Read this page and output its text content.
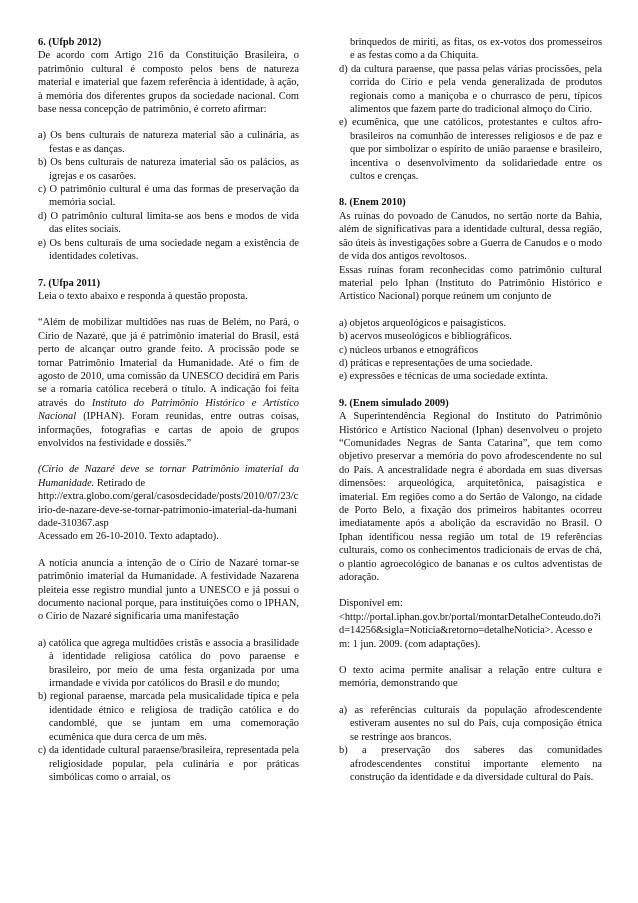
6. (Ufpb 2012)

De acordo com Artigo 216 da Constituição Brasileira, o patrimônio cultural é composto pelos bens de natureza material e imaterial que fazem referência à identidade, à ação, à memória dos diferentes grupos da sociedade nacional. Com base nessa concepção de patrimônio, é correto afirmar:

a) Os bens culturais de natureza material são a culinária, as festas e as danças.

b) Os bens culturais de natureza imaterial são os palácios, as igrejas e os casarões.

c) O patrimônio cultural é uma das formas de preservação da memória social.

d) O patrimônio cultural limita-se aos bens e modos de vida das elites sociais.

e) Os bens culturais de uma sociedade negam a existência de identidades coletivas.

7. (Ufpa 2011)

Leia o texto abaixo e responda à questão proposta.

“Além de mobilizar multidões nas ruas de Belém, no Pará, o Círio de Nazaré, que já é patrimônio imaterial do Brasil, está perto de alcançar outro grande feito. A procissão pode se tornar Patrimônio Imaterial da Humanidade. Até o fim de agosto de 2010, uma comissão da UNESCO decidirá em Paris se a romaria católica receberá o título. A indicação foi feita através do Instituto do Patrimônio Histórico e Artístico Nacional (IPHAN). Foram reunidas, entre outras coisas, informações, fotografias e cartas de apoio de grupos envolvidos na festividade e dossiês.”

(Círio de Nazaré deve se tornar Patrimônio imaterial da Humanidade. Retirado de

http://extra.globo.com/geral/casosdecidade/posts/2010/07/23/cirio-de-nazare-deve-se-tornar-patrimonio-imaterial-da-humanidade-310367.asp

Acessado em 26-10-2010. Texto adaptado).

A notícia anuncia a intenção de o Círio de Nazaré tornar-se patrimônio imaterial da Humanidade. A festividade Nazarena pleiteia esse registro mundial junto a UNESCO e já possui o documento nacional porque, para instituições como o IPHAN, o Círio de Nazaré significaria uma manifestação

a) católica que agrega multidões cristãs e associa a brasilidade à identidade religiosa católica do povo paraense e brasileiro, por meio de uma festa organizada por uma irmandade e vivida por católicos do Brasil e do mundo;

b) regional paraense, marcada pela musicalidade típica e pela identidade étnico e religiosa de tradição católica e do candomblé, que se juntam em uma comemoração ecumênica que dura cerca de um mês.

c) da identidade cultural paraense/brasileira, representada pela religiosidade popular, pela culinária e por práticas simbólicas como o arraial, os

brinquedos de miriti, as fitas, os ex-votos dos promesseiros e as festas como a da Chiquita.

d) da cultura paraense, que passa pelas várias procissões, pela corrida do Círio e pela venda generalizada de produtos regionais como a maniçoba e o churrasco de peru, típicos alimentos que fazem parte do tradicional almoço do Círio.

e) ecumênica, que une católicos, protestantes e cultos afro-brasileiros na comunhão de interesses religiosos e de paz e que por simbolizar o espírito de união paraense e brasileiro, incentiva o desenvolvimento da solidariedade entre os cultos e crenças.

8. (Enem 2010)

As ruínas do povoado de Canudos, no sertão norte da Bahia, além de significativas para a identidade cultural, dessa região, são úteis às investigações sobre a Guerra de Canudos e o modo de vida dos antigos revoltosos.

Essas ruínas foram reconhecidas como patrimônio cultural material pelo Iphan (Instituto do Patrimônio Histórico e Artístico Nacional) porque reúnem um conjunto de

a) objetos arqueológicos e paisagísticos.

b) acervos museológicos e bibliográficos.

c) núcleos urbanos e etnográficos

d) práticas e representações de uma sociedade.

e) expressões e técnicas de uma sociedade extinta.

9. (Enem simulado 2009)

A Superintendência Regional do Instituto do Patrimônio Histórico e Artístico Nacional (Iphan) desenvolveu o projeto “Comunidades Negras de Santa Catarina”, que tem como objetivo preservar a memória do povo afrodescendente no sul do País. A ancestralidade negra é abordada em suas diversas dimensões: arqueológica, arquitetônica, paisagística e imaterial. Em regiões como a do Sertão de Valongo, na cidade de Porto Belo, a fixação dos primeiros habitantes ocorreu imediatamente após a abolição da escravidão no Brasil. O Iphan identificou nessa região um total de 19 referências culturais, como os conhecimentos tradicionais de ervas de chá, o plantio agroecológico de bananas e os cultos adventistas de adoração.

Disponível em:

<http://portal.iphan.gov.br/portal/montarDetalheConteudo.do?id=14256&sigla=Noticia&retorno=detalheNoticia>. Acesso em: 1 jun. 2009. (com adaptações).

O texto acima permite analisar a relação entre cultura e memória, demonstrando que

a) as referências culturais da população afrodescendente estiveram ausentes no sul do País, cuja composição étnica se restringe aos brancos.

b) a preservação dos saberes das comunidades afrodescendentes constitui importante elemento na construção da identidade e da diversidade cultural do País.
